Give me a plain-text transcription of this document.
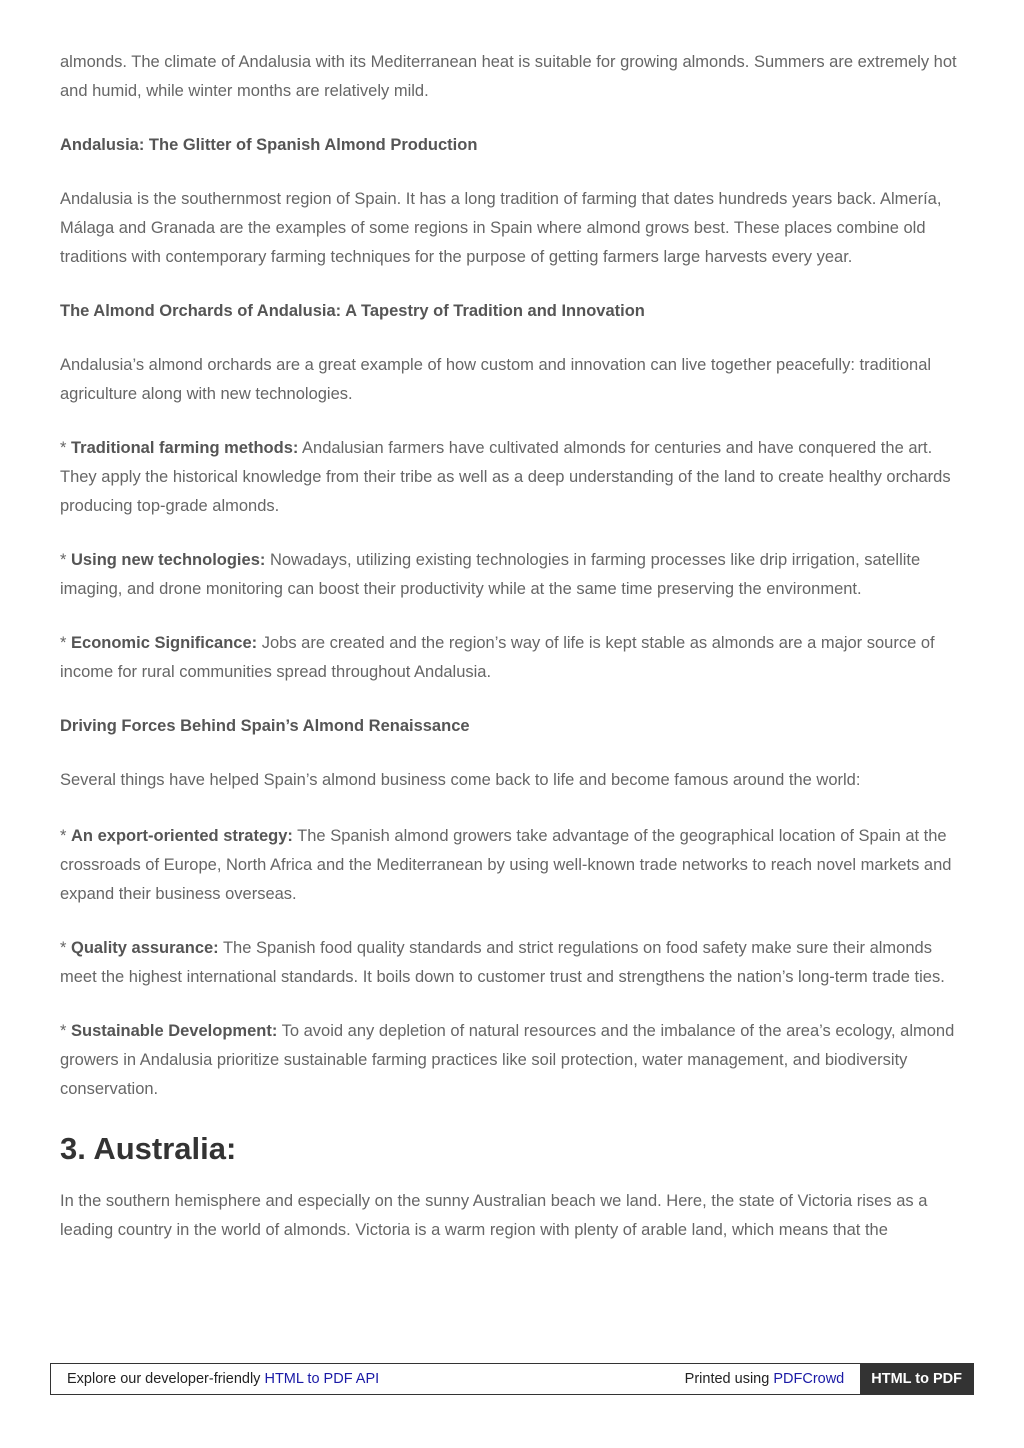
almonds. The climate of Andalusia with its Mediterranean heat is suitable for growing almonds. Summers are extremely hot and humid, while winter months are relatively mild.

Andalusia: The Glitter of Spanish Almond Production

Andalusia is the southernmost region of Spain. It has a long tradition of farming that dates hundreds years back. Almería, Málaga and Granada are the examples of some regions in Spain where almond grows best. These places combine old traditions with contemporary farming techniques for the purpose of getting farmers large harvests every year.

The Almond Orchards of Andalusia: A Tapestry of Tradition and Innovation

Andalusia’s almond orchards are a great example of how custom and innovation can live together peacefully: traditional agriculture along with new technologies.

* Traditional farming methods: Andalusian farmers have cultivated almonds for centuries and have conquered the art. They apply the historical knowledge from their tribe as well as a deep understanding of the land to create healthy orchards producing top-grade almonds.

* Using new technologies: Nowadays, utilizing existing technologies in farming processes like drip irrigation, satellite imaging, and drone monitoring can boost their productivity while at the same time preserving the environment.

* Economic Significance: Jobs are created and the region’s way of life is kept stable as almonds are a major source of income for rural communities spread throughout Andalusia.

Driving Forces Behind Spain’s Almond Renaissance

Several things have helped Spain’s almond business come back to life and become famous around the world:

* An export-oriented strategy: The Spanish almond growers take advantage of the geographical location of Spain at the crossroads of Europe, North Africa and the Mediterranean by using well-known trade networks to reach novel markets and expand their business overseas.

* Quality assurance: The Spanish food quality standards and strict regulations on food safety make sure their almonds meet the highest international standards. It boils down to customer trust and strengthens the nation’s long-term trade ties.

* Sustainable Development: To avoid any depletion of natural resources and the imbalance of the area’s ecology, almond growers in Andalusia prioritize sustainable farming practices like soil protection, water management, and biodiversity conservation.

3. Australia:

In the southern hemisphere and especially on the sunny Australian beach we land. Here, the state of Victoria rises as a leading country in the world of almonds. Victoria is a warm region with plenty of arable land, which means that the

Explore our developer-friendly
HTML to PDF API	Printed using
PDFCrowd	HTML to PDF
